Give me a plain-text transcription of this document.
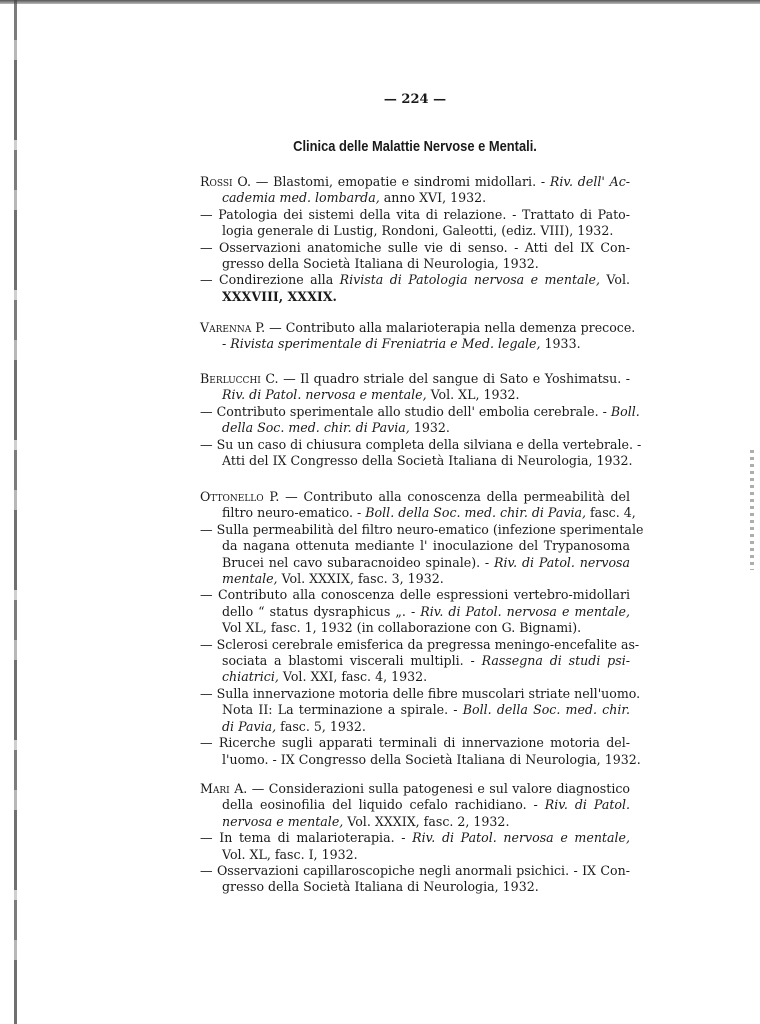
— 224 —
Clinica delle Malattie Nervose e Mentali.
Rossi O. — Blastomi, emopatie e sindromi midollari. - Riv. dell' Ac-
cademia med. lombarda, anno XVI, 1932.
— Patologia dei sistemi della vita di relazione. - Trattato di Pato-
logia generale di Lustig, Rondoni, Galeotti, (ediz. VIII), 1932.
— Osservazioni anatomiche sulle vie di senso. - Atti del IX Con-
gresso della Società Italiana di Neurologia, 1932.
— Condirezione alla Rivista di Patologia nervosa e mentale, Vol.
XXXVIII, XXXIX.
Varenna P. — Contributo alla malarioterapia nella demenza precoce.
- Rivista sperimentale di Freniatria e Med. legale, 1933.
Berlucchi C. — Il quadro striale del sangue di Sato e Yoshimatsu. -
Riv. di Patol. nervosa e mentale, Vol. XL, 1932.
— Contributo sperimentale allo studio dell' embolia cerebrale. - Boll.
della Soc. med. chir. di Pavia, 1932.
— Su un caso di chiusura completa della silviana e della vertebrale. -
Atti del IX Congresso della Società Italiana di Neurologia, 1932.
Ottonello P. — Contributo alla conoscenza della permeabilità del
filtro neuro-ematico. - Boll. della Soc. med. chir. di Pavia, fasc. 4,
— Sulla permeabilità del filtro neuro-ematico (infezione sperimentale
da nagana ottenuta mediante l' inoculazione del Trypanosoma
Brucei nel cavo subaracnoideo spinale). - Riv. di Patol. nervosa
mentale, Vol. XXXIX, fasc. 3, 1932.
— Contributo alla conoscenza delle espressioni vertebro-midollari
dello “ status dysraphicus „. - Riv. di Patol. nervosa e mentale,
Vol XL, fasc. 1, 1932 (in collaborazione con G. Bignami).
— Sclerosi cerebrale emisferica da pregressa meningo-encefalite as-
sociata a blastomi viscerali multipli. - Rassegna di studi psi-
chiatrici, Vol. XXI, fasc. 4, 1932.
— Sulla innervazione motoria delle fibre muscolari striate nell'uomo.
Nota II: La terminazione a spirale. - Boll. della Soc. med. chir.
di Pavia, fasc. 5, 1932.
— Ricerche sugli apparati terminali di innervazione motoria del-
l'uomo. - IX Congresso della Società Italiana di Neurologia, 1932.
Mari A. — Considerazioni sulla patogenesi e sul valore diagnostico
della eosinofilia del liquido cefalo rachidiano. - Riv. di Patol.
nervosa e mentale, Vol. XXXIX, fasc. 2, 1932.
— In tema di malarioterapia. - Riv. di Patol. nervosa e mentale,
Vol. XL, fasc. I, 1932.
— Osservazioni capillaroscopiche negli anormali psichici. - IX Con-
gresso della Società Italiana di Neurologia, 1932.
